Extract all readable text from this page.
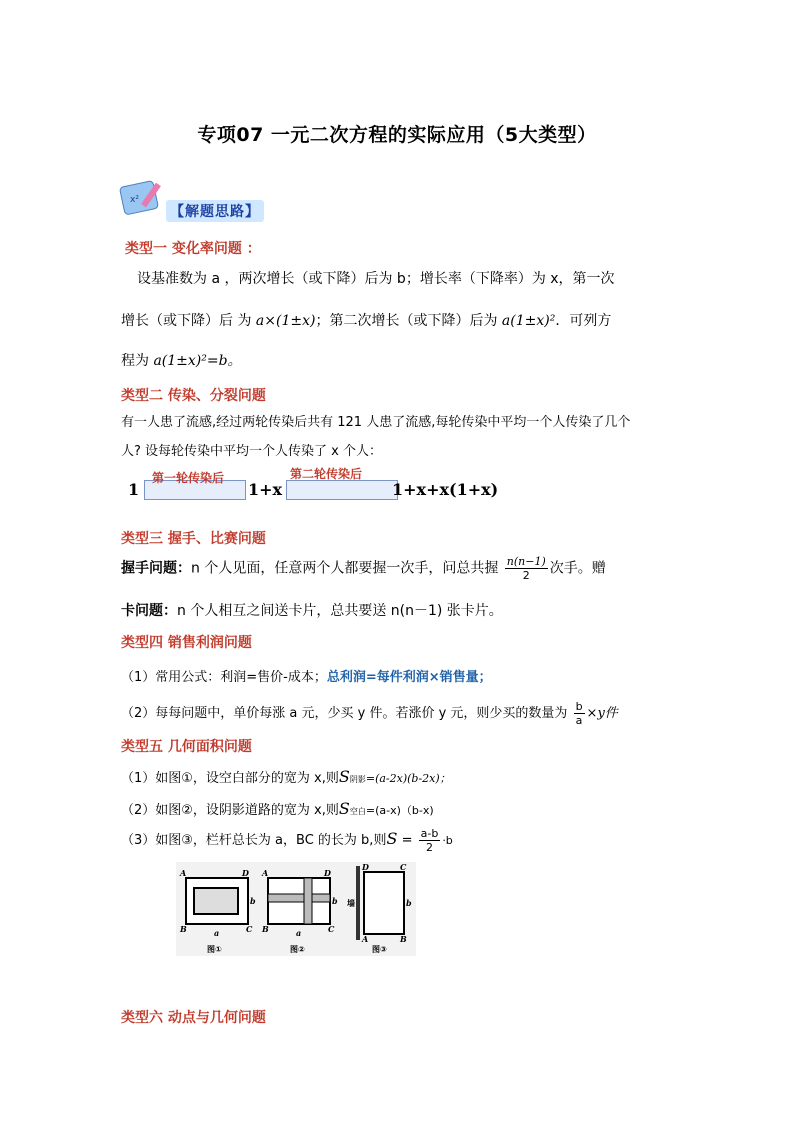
专项07 一元二次方程的实际应用（5大类型）
x²
【解题思路】
类型一 变化率问题 ：
设基准数为 a ，两次增长（或下降）后为 b；增长率（下降率）为 x，第一次
增长（或下降）后 为 a×(1±x)；第二次增长（或下降）后为 a(1±x)²．可列方
程为 a(1±x)²=b。
类型二 传染、分裂问题
有一人患了流感,经过两轮传染后共有 121 人患了流感,每轮传染中平均一个人传染了几个
人? 设每轮传染中平均一个人传染了 x 个人：
1
第一轮传染后
1+x
第二轮传染后
1+x+x(1+x)
类型三 握手、比赛问题
握手问题：n 个人见面，任意两个人都要握一次手，问总共握 $\frac{n(n-1)}{2}$ 次手。赠
卡问题：n 个人相互之间送卡片，总共要送 n(n－1) 张卡片。
类型四 销售利润问题
（1）常用公式：利润=售价-成本；总利润=每件利润×销售量；
（2）每每问题中，单价每涨 a 元，少买 y 件。若涨价 y 元，则少买的数量为 $\frac{b}{a} \times y$件
类型五 几何面积问题
（1）如图①，设空白部分的宽为 x,则S阴影=(a-2x)(b-2x)；
（2）如图②，设阴影道路的宽为 x,则S空白=(a-x)（b-x)
（3）如图③，栏杆总长为 a，BC 的长为 b,则$S = \frac{a-b}{2} \cdot b$
A	D
B	C
a
b
A	D
B	C
a
b
D	C
A	B
b
图①	图②	图③
墙
类型六 动点与几何问题
